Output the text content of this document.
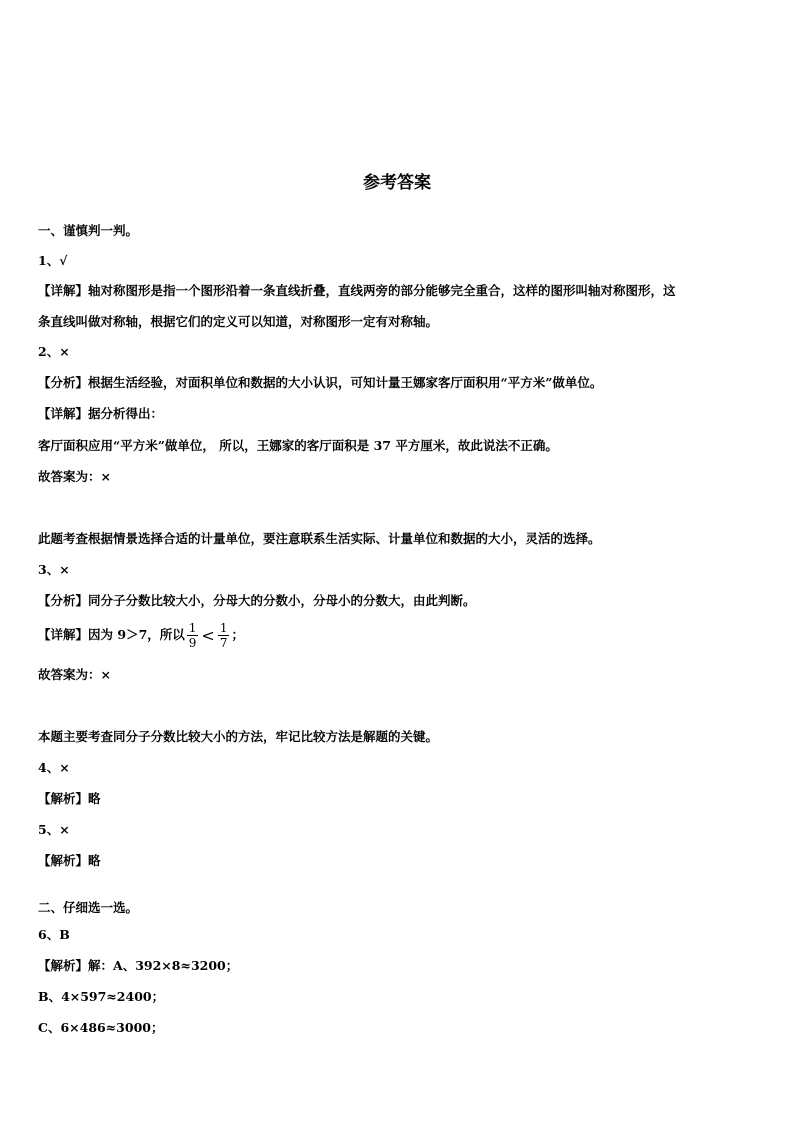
参考答案
一、谨慎判一判。
1、√
【详解】轴对称图形是指一个图形沿着一条直线折叠，直线两旁的部分能够完全重合，这样的图形叫轴对称图形，这
条直线叫做对称轴，根据它们的定义可以知道，对称图形一定有对称轴。
2、×
【分析】根据生活经验，对面积单位和数据的大小认识，可知计量王娜家客厅面积用“平方米”做单位。
【详解】据分析得出：
客厅面积应用“平方米”做单位， 所以，王娜家的客厅面积是 37 平方厘米，故此说法不正确。
故答案为：×
此题考查根据情景选择合适的计量单位，要注意联系生活实际、计量单位和数据的大小，灵活的选择。
3、×
【分析】同分子分数比较大小，分母大的分数小，分母小的分数大，由此判断。
【详解】因为 9＞7，所以 $\frac{1}{9} < \frac{1}{7}$ ；
故答案为：×
本题主要考查同分子分数比较大小的方法，牢记比较方法是解题的关键。
4、×
【解析】略
5、×
【解析】略
二、仔细选一选。
6、B
【解析】解：A、392×8≈3200；
B、4×597≈2400；
C、6×486≈3000；
